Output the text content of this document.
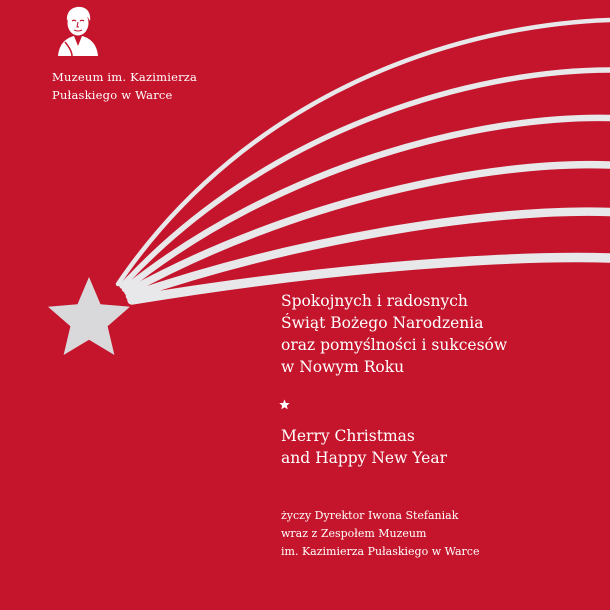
Muzeum im. Kazimierza
Pułaskiego w Warce
Spokojnych i radosnych
Świąt Bożego Narodzenia
oraz pomyślności i sukcesów
w Nowym Roku
Merry Christmas
and Happy New Year
życzy Dyrektor Iwona Stefaniak
wraz z Zespołem Muzeum
im. Kazimierza Pułaskiego w Warce
